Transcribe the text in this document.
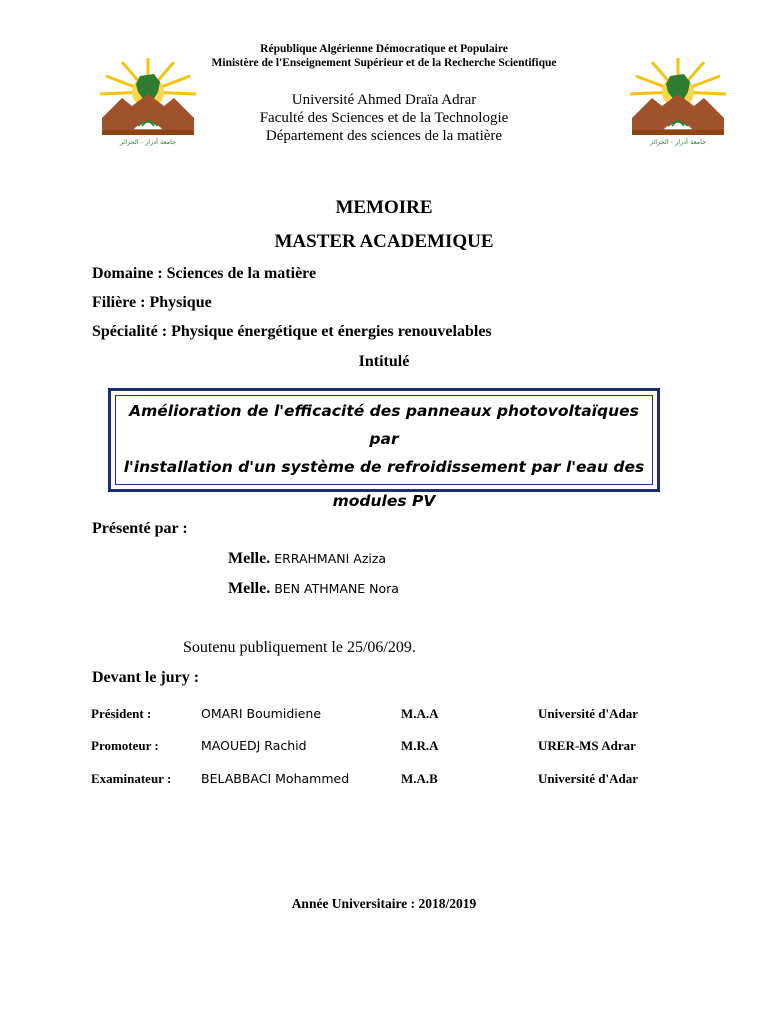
République Algérienne Démocratique et Populaire
Ministère de l'Enseignement Supérieur et de la Recherche Scientifique
Université Ahmed Draïa Adrar
Faculté des Sciences et de la Technologie
Département des sciences de la matière
جامعة أدرار - الجزائر	جامعة أدرار - الجزائر
MEMOIRE
MASTER ACADEMIQUE
Domaine : Sciences de la matière
Filière : Physique
Spécialité : Physique énergétique et énergies renouvelables
Intitulé
Amélioration de l'efficacité des panneaux photovoltaïques par
l'installation d'un système de refroidissement par l'eau des
modules PV
Présenté par :
Melle. ERRAHMANI Aziza
Melle. BEN ATHMANE Nora
Soutenu publiquement le 25/06/209.
Devant le jury :
Président :	OMARI Boumidiene	M.A.A	Université d'Adar
Promoteur :	MAOUEDJ Rachid	M.R.A	URER-MS Adrar
Examinateur : BELABBACI Mohammed	M.A.B	Université d'Adar
Année Universitaire : 2018/2019
